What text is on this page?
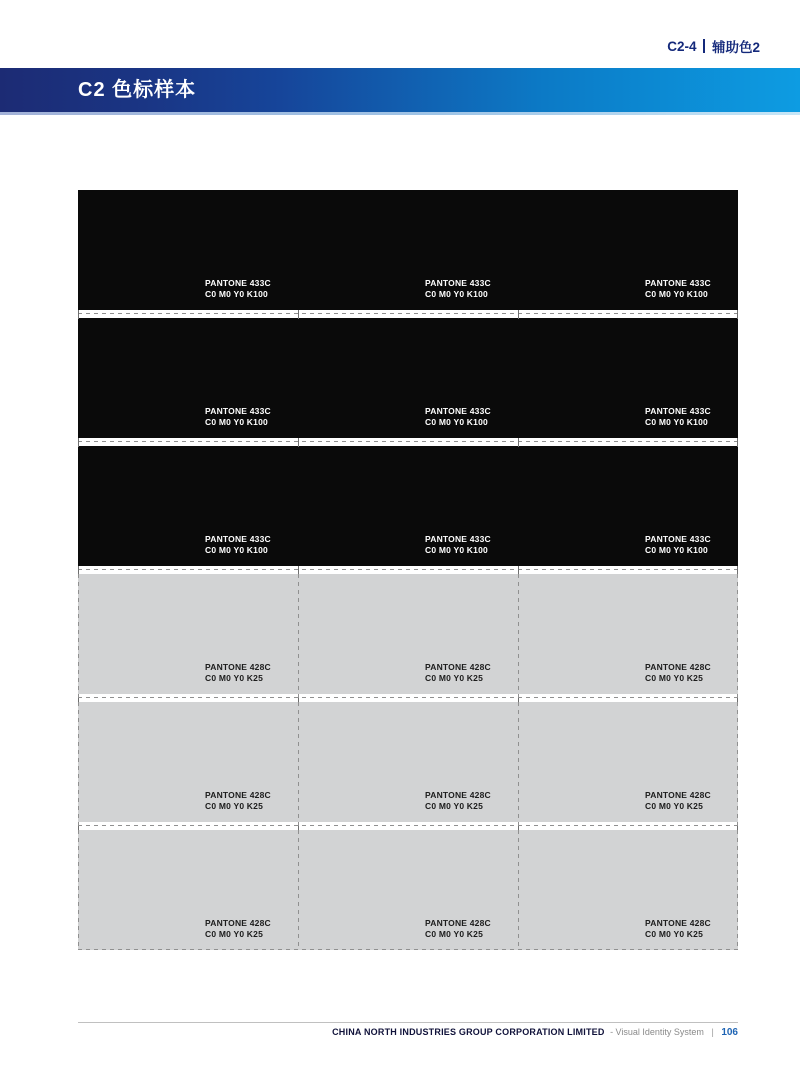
C2-4 辅助色2
C2 色标样本
PANTONE 428C
C0 M0 Y0 K25
PANTONE 428C
C0 M0 Y0 K25
PANTONE 428C
C0 M0 Y0 K25
PANTONE 428C
C0 M0 Y0 K25
PANTONE 428C
C0 M0 Y0 K25
PANTONE 428C
C0 M0 Y0 K25
PANTONE 428C
C0 M0 Y0 K25
PANTONE 428C
C0 M0 Y0 K25
PANTONE 428C
C0 M0 Y0 K25
PANTONE 433C
C0 M0 Y0 K100
PANTONE 433C
C0 M0 Y0 K100
PANTONE 433C
C0 M0 Y0 K100
PANTONE 433C
C0 M0 Y0 K100
PANTONE 433C
C0 M0 Y0 K100
PANTONE 433C
C0 M0 Y0 K100
PANTONE 433C
C0 M0 Y0 K100
PANTONE 433C
C0 M0 Y0 K100
PANTONE 433C
C0 M0 Y0 K100
CHINA NORTH INDUSTRIES GROUP CORPORATION LIMITED - Visual Identity System | 106
